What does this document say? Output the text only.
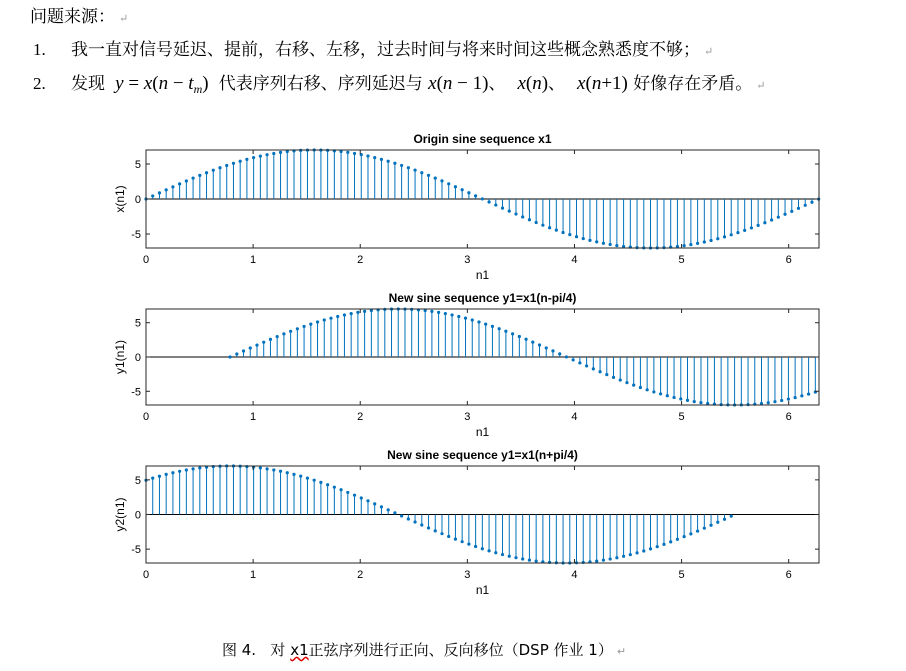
问题来源： ↵
1. 我一直对信号延迟、提前，右移、左移，过去时间与将来时间这些概念熟悉度不够； ↵
2. 发现 $y = x(n - t_m)$  代表序列右移、序列延迟与 x(n − 1)、 x(n)、 x(n+1) 好像存在矛盾。 ↵
Origin sine sequence x1
0	1	2	3	4	5	6
5
0
-5
n1
x(n1)
New sine sequence y1=x1(n-pi/4)
0	1	2	3	4	5	6
5
0
-5
n1
y1(n1)
New sine sequence y1=x1(n+pi/4)
0	1	2	3	4	5	6
5
0
-5
n1
y2(n1)
图 4. 对 x1正弦序列进行正向、反向移位（DSP 作业 1） ↵
